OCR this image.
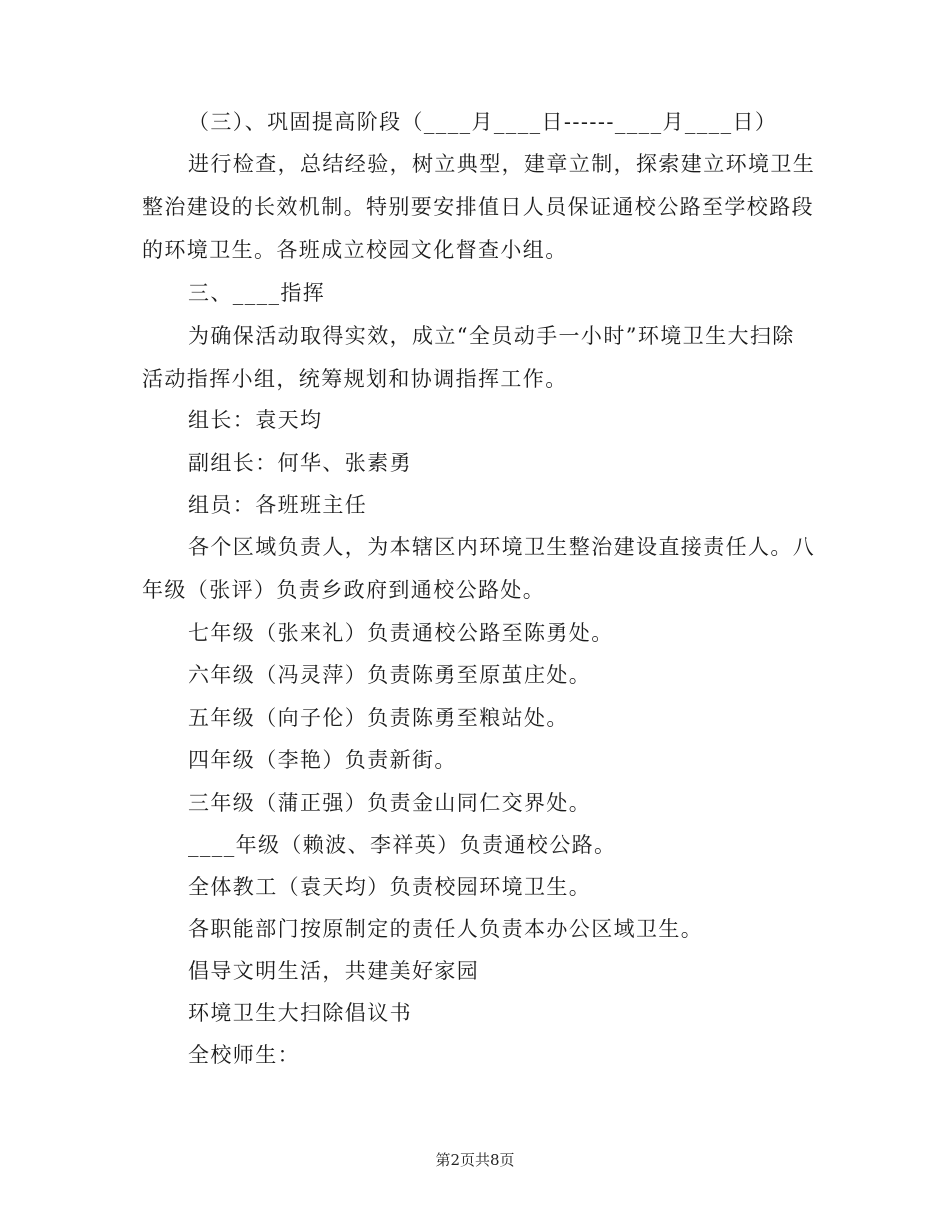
（三）、巩固提高阶段（____月____日------____月____日）
进行检查，总结经验，树立典型，建章立制，探索建立环境卫生
整治建设的长效机制。特别要安排值日人员保证通校公路至学校路段
的环境卫生。各班成立校园文化督查小组。
三、____指挥
为确保活动取得实效，成立“全员动手一小时”环境卫生大扫除
活动指挥小组，统筹规划和协调指挥工作。
组长：袁天均
副组长：何华、张素勇
组员：各班班主任
各个区域负责人，为本辖区内环境卫生整治建设直接责任人。八
年级（张评）负责乡政府到通校公路处。
七年级（张来礼）负责通校公路至陈勇处。
六年级（冯灵萍）负责陈勇至原茧庄处。
五年级（向子伦）负责陈勇至粮站处。
四年级（李艳）负责新街。
三年级（蒲正强）负责金山同仁交界处。
____年级（赖波、李祥英）负责通校公路。
全体教工（袁天均）负责校园环境卫生。
各职能部门按原制定的责任人负责本办公区域卫生。
倡导文明生活，共建美好家园
环境卫生大扫除倡议书
全校师生：
第2页共8页
